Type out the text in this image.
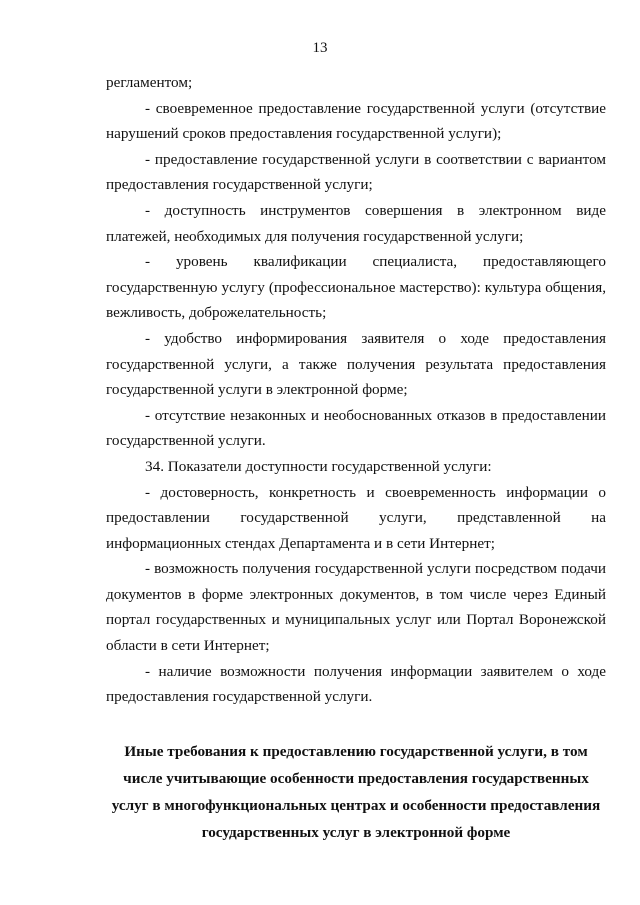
13

регламентом;

- своевременное предоставление государственной услуги (отсутствие нарушений сроков предоставления государственной услуги);

- предоставление государственной услуги в соответствии с вариантом предоставления государственной услуги;

- доступность инструментов совершения в электронном виде платежей, необходимых для получения государственной услуги;

- уровень квалификации специалиста, предоставляющего государственную услугу (профессиональное мастерство): культура общения, вежливость, доброжелательность;

- удобство информирования заявителя о ходе предоставления государственной услуги, а также получения результата предоставления государственной услуги в электронной форме;

- отсутствие незаконных и необоснованных отказов в предоставлении государственной услуги.

34. Показатели доступности государственной услуги:

- достоверность, конкретность и своевременность информации о предоставлении государственной услуги, представленной на информационных стендах Департамента и в сети Интернет;

- возможность получения государственной услуги посредством подачи документов в форме электронных документов, в том числе через Единый портал государственных и муниципальных услуг или Портал Воронежской области в сети Интернет;

- наличие возможности получения информации заявителем о ходе предоставления государственной услуги.

Иные требования к предоставлению государственной услуги, в том
числе учитывающие особенности предоставления государственных
услуг в многофункциональных центрах и особенности предоставления
государственных услуг в электронной форме
